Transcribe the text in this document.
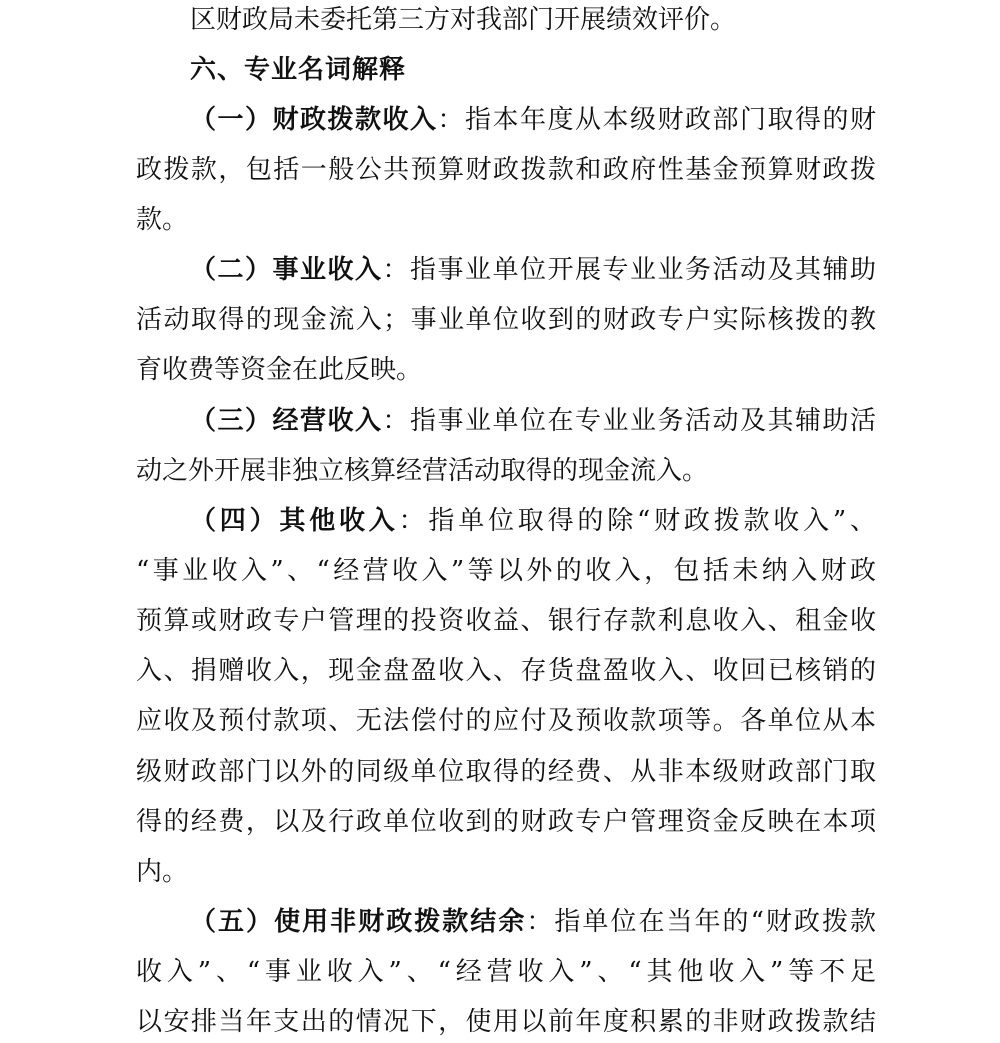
区财政局未委托第三方对我部门开展绩效评价。
六、专业名词解释
（一）财政拨款收入：指本年度从本级财政部门取得的财
政拨款，包括一般公共预算财政拨款和政府性基金预算财政拨
款。
（二）事业收入：指事业单位开展专业业务活动及其辅助
活动取得的现金流入；事业单位收到的财政专户实际核拨的教
育收费等资金在此反映。
（三）经营收入：指事业单位在专业业务活动及其辅助活
动之外开展非独立核算经营活动取得的现金流入。
（四）其他收入：指单位取得的除“财政拨款收入”、
“事业收入”、“经营收入”等以外的收入，包括未纳入财政
预算或财政专户管理的投资收益、银行存款利息收入、租金收
入、捐赠收入，现金盘盈收入、存货盘盈收入、收回已核销的
应收及预付款项、无法偿付的应付及预收款项等。各单位从本
级财政部门以外的同级单位取得的经费、从非本级财政部门取
得的经费，以及行政单位收到的财政专户管理资金反映在本项
内。
（五）使用非财政拨款结余：指单位在当年的“财政拨款
收入”、“事业收入”、“经营收入”、“其他收入”等不足
以安排当年支出的情况下，使用以前年度积累的非财政拨款结
